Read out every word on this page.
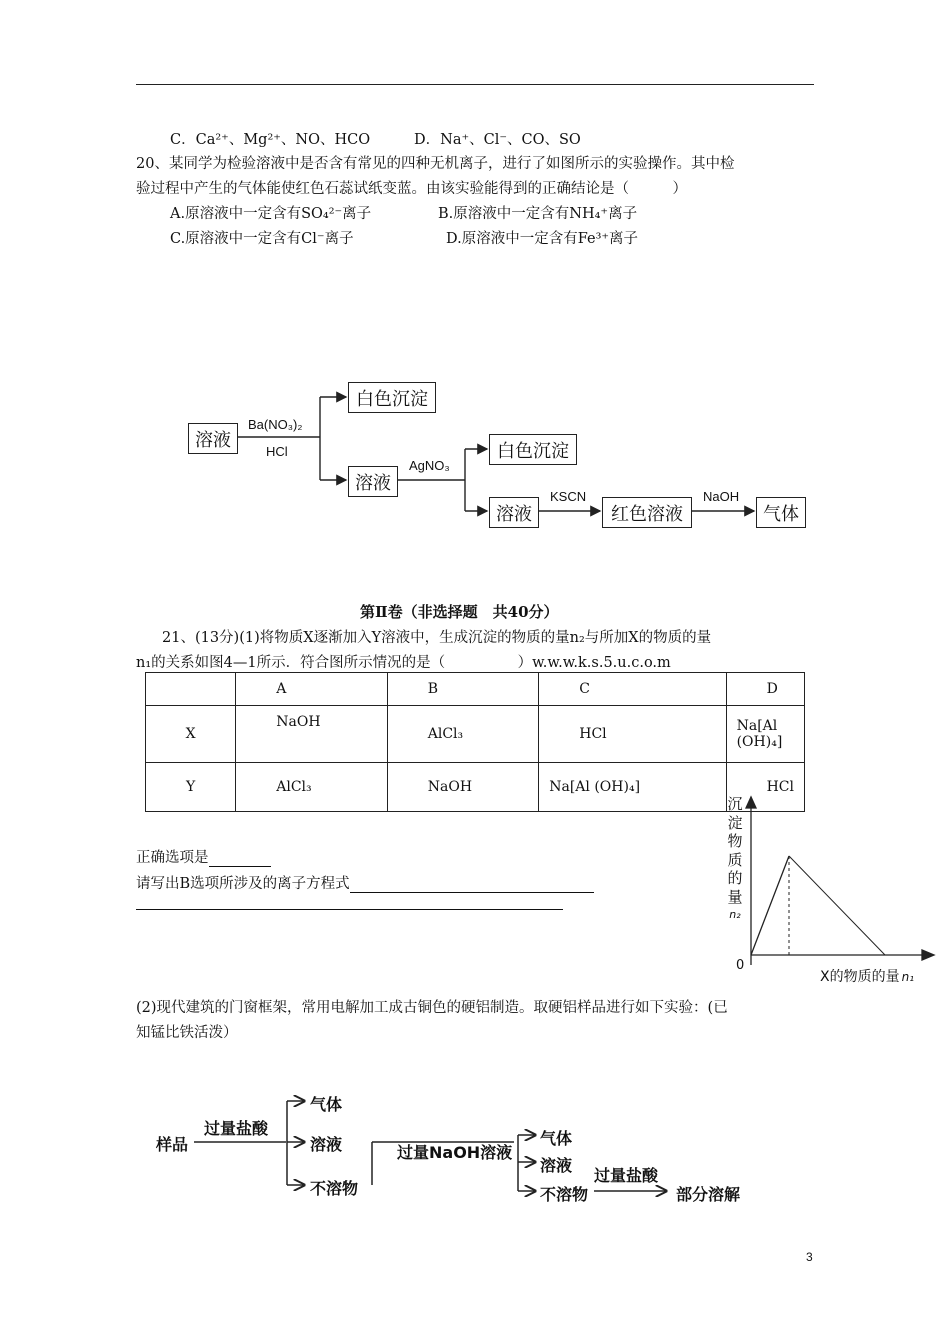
C．Ca²⁺、Mg²⁺、NO、HCO	D．Na⁺、Cl⁻、CO、SO
20、某同学为检验溶液中是否含有常见的四种无机离子，进行了如图所示的实验操作。其中检
验过程中产生的气体能使红色石蕊试纸变蓝。由该实验能得到的正确结论是（　　　）
A.原溶液中一定含有SO₄²⁻离子	B.原溶液中一定含有NH₄⁺离子
C.原溶液中一定含有Cl⁻离子	D.原溶液中一定含有Fe³⁺离子
溶液
Ba(NO₃)₂
HCl
白色沉淀
溶液
AgNO₃
白色沉淀
溶液
KSCN
红色溶液
NaOH
气体
第Ⅱ卷（非选择题　共40分）
21、(13分)(1)将物质X逐渐加入Y溶液中，生成沉淀的物质的量n₂与所加X的物质的量
n₁的关系如图4—1所示．符合图所示情况的是（　　　　　）w.w.w.k.s.5.u.c.o.m
	A	B	C	D
X	NaOH	AlCl₃	HCl	Na[Al (OH)₄]
Y	AlCl₃	NaOH	Na[Al (OH)₄]	HCl
正确选项是
请写出B选项所涉及的离子方程式
沉
淀
物
质
的
量
n₂
0
X的物质的量 n₁
(2)现代建筑的门窗框架，常用电解加工成古铜色的硬铝制造。取硬铝样品进行如下实验：(已
知锰比铁活泼）
样品
过量盐酸
气体
溶液
不溶物
过量NaOH溶液
气体
溶液
不溶物
过量盐酸
部分溶解
3
